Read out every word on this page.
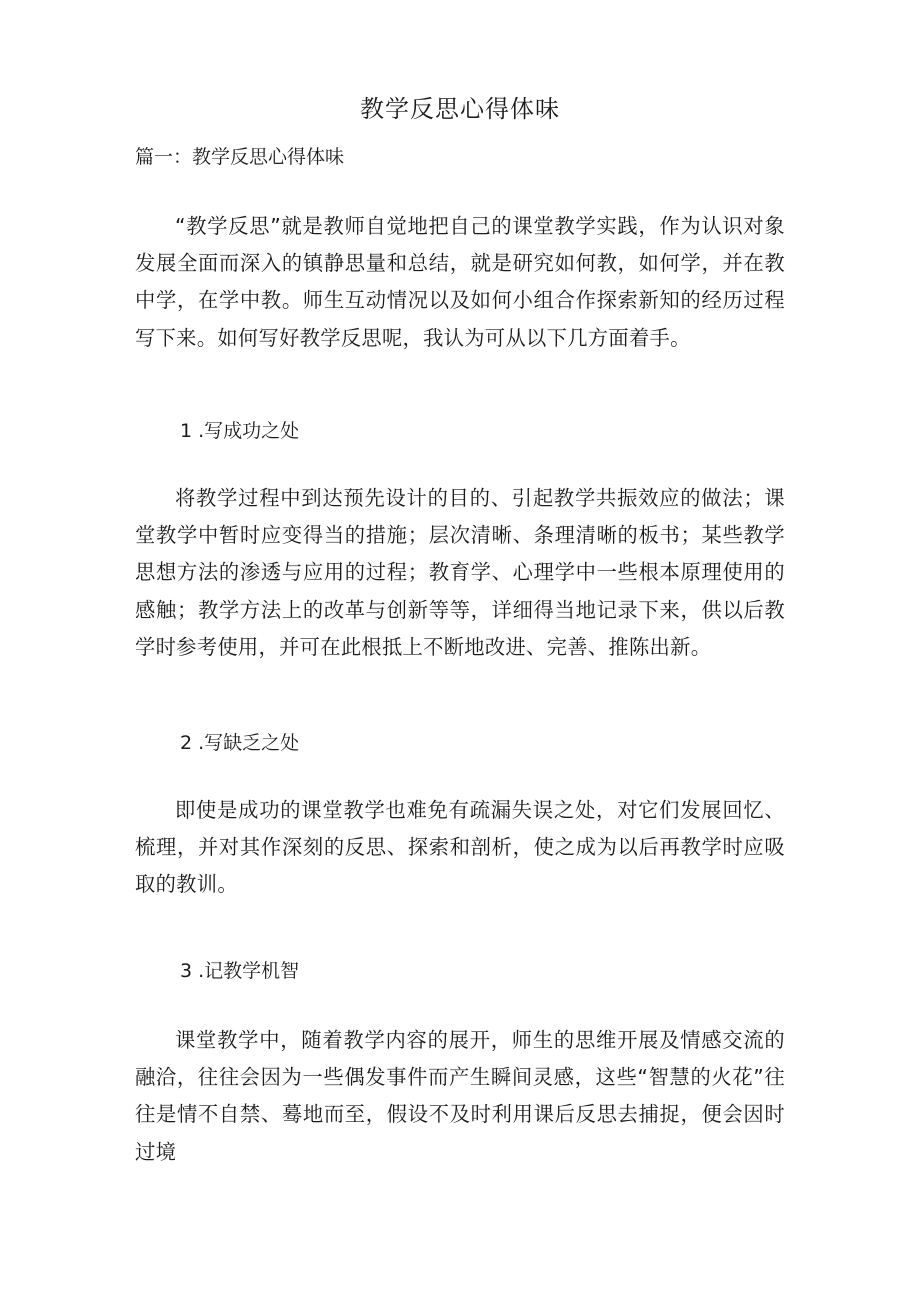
教学反思心得体味
篇一：教学反思心得体味

“教学反思”就是教师自觉地把自己的课堂教学实践，作为认识对象发展全面而深入的镇静思量和总结，就是研究如何教，如何学，并在教中学，在学中教。师生互动情况以及如何小组合作探索新知的经历过程写下来。如何写好教学反思呢，我认为可从以下几方面着手。

1 .写成功之处

将教学过程中到达预先设计的目的、引起教学共振效应的做法；课堂教学中暂时应变得当的措施；层次清晰、条理清晰的板书；某些教学思想方法的渗透与应用的过程；教育学、心理学中一些根本原理使用的感触；教学方法上的改革与创新等等，详细得当地记录下来，供以后教学时参考使用，并可在此根抵上不断地改进、完善、推陈出新。

2 .写缺乏之处

即使是成功的课堂教学也难免有疏漏失误之处，对它们发展回忆、梳理，并对其作深刻的反思、探索和剖析，使之成为以后再教学时应吸取的教训。

3 .记教学机智

课堂教学中，随着教学内容的展开，师生的思维开展及情感交流的融洽，往往会因为一些偶发事件而产生瞬间灵感，这些“智慧的火花”往往是情不自禁、蓦地而至，假设不及时利用课后反思去捕捉，便会因时过境
